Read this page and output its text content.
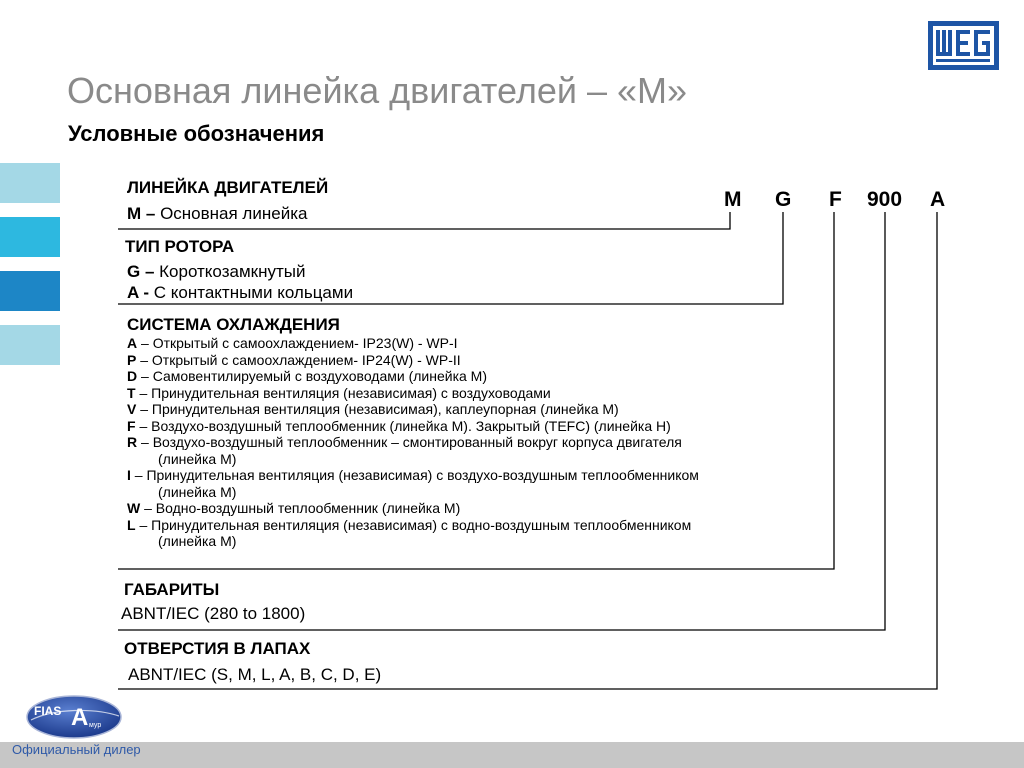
Основная линейка двигателей – «М»
Условные обозначения
M G F 900 A
ЛИНЕЙКА ДВИГАТЕЛЕЙ
M – Основная линейка
ТИП РОТОРА
G – Короткозамкнутый
A - С контактными кольцами
СИСТЕМА ОХЛАЖДЕНИЯ
A – Открытый с самоохлаждением- IP23(W) - WP-I
P – Открытый с самоохлаждением- IP24(W) - WP-II
D – Самовентилируемый с воздуховодами (линейка М)
T – Принудительная вентиляция (независимая) с воздуховодами
V – Принудительная вентиляция (независимая), каплеупорная (линейка М)
F – Воздухо-воздушный теплообменник (линейка М). Закрытый (TEFC) (линейка Н)
R – Воздухо-воздушный теплообменник – смонтированный вокруг корпуса двигателя
(линейка М)
I – Принудительная вентиляция (независимая) с воздухо-воздушным теплообменником
(линейка М)
W – Водно-воздушный теплообменник (линейка М)
L – Принудительная вентиляция (независимая) с водно-воздушным теплообменником
(линейка М)
ГАБАРИТЫ
ABNT/IEC (280 to 1800)
ОТВЕРСТИЯ В ЛАПАХ
ABNT/IEC (S, M, L, A, B, C, D, E)
Официальный дилер
FIAS A мур
